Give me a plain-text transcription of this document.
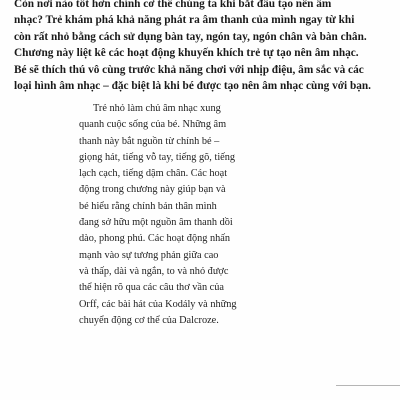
Còn nơi nào tốt hơn chính cơ thể chúng ta khi bắt đầu tạo nên âm
nhạc? Trẻ khám phá khả năng phát ra âm thanh của mình ngay từ khi
còn rất nhỏ bằng cách sử dụng bàn tay, ngón tay, ngón chân và bàn chân.
Chương này liệt kê các hoạt động khuyến khích trẻ tự tạo nên âm nhạc.
Bé sẽ thích thú vô cùng trước khả năng chơi với nhịp điệu, âm sắc và các
loại hình âm nhạc – đặc biệt là khi bé được tạo nên âm nhạc cùng với bạn.
Trẻ nhỏ làm chủ âm nhạc xung
quanh cuộc sống của bé. Những âm
thanh này bắt nguồn từ chính bé –
giọng hát, tiếng vỗ tay, tiếng gõ, tiếng
lạch cạch, tiếng dậm chân. Các hoạt
động trong chương này giúp bạn và
bé hiểu rằng chính bản thân mình
đang sở hữu một nguồn âm thanh dồi
dào, phong phú. Các hoạt động nhấn
mạnh vào sự tương phản giữa cao
và thấp, dài và ngắn, to và nhỏ được
thể hiện rõ qua các câu thơ vần của
Orff, các bài hát của Kodály và những
chuyển động cơ thể của Dalcroze.
